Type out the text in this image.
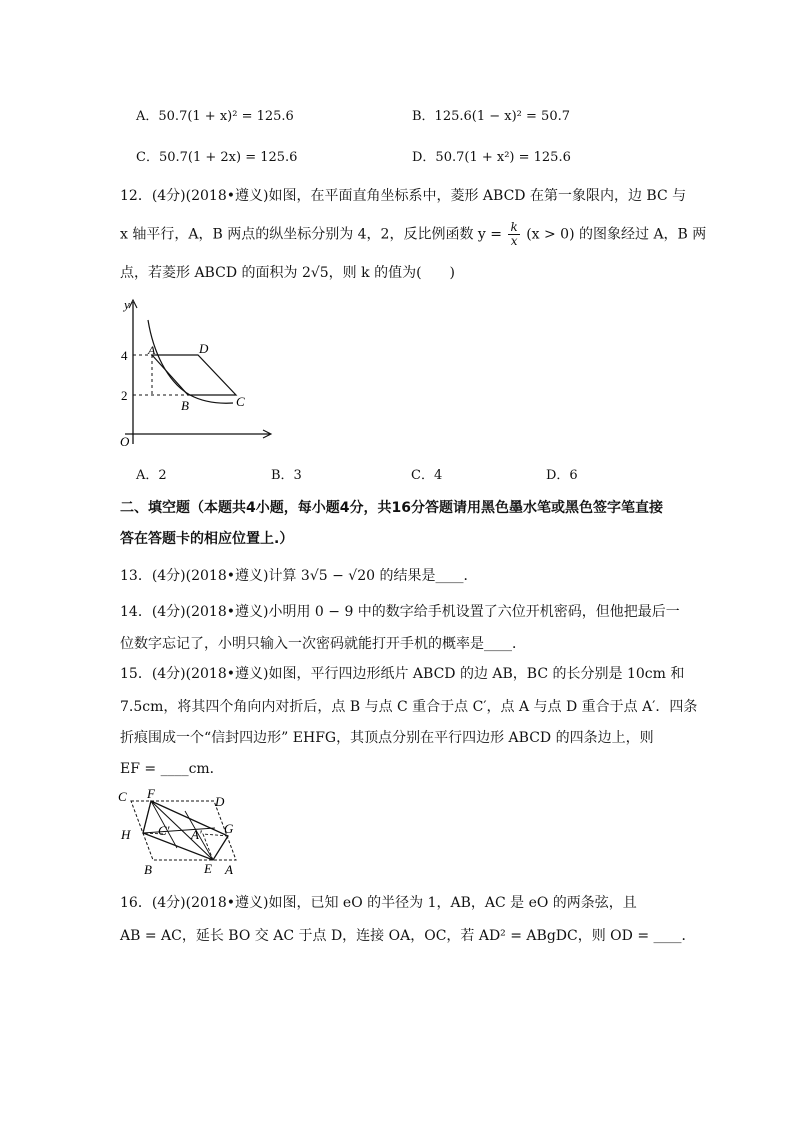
A．50.7(1 + x)² = 125.6	B．125.6(1 − x)² = 50.7
C．50.7(1 + 2x) = 125.6	D．50.7(1 + x²) = 125.6
12．(4分)(2018•遵义)如图，在平面直角坐标系中，菱形 ABCD 在第一象限内，边 BC 与
x 轴平行，A，B 两点的纵坐标分别为 4，2，反比例函数 $y = \frac{k}{x} (x > 0)$ 的图象经过 A，B 两
点，若菱形 ABCD 的面积为 2√5，则 k 的值为(　　)
y
4
2
O
A	D
B	C
A．2	B．3	C．4	D．6
二、填空题（本题共4小题，每小题4分，共16分答题请用黑色墨水笔或黑色签字笔直接
答在答题卡的相应位置上.）
13．(4分)(2018•遵义)计算 3√5 − √20 的结果是____．
14．(4分)(2018•遵义)小明用 0 − 9 中的数字给手机设置了六位开机密码，但他把最后一
位数字忘记了，小明只输入一次密码就能打开手机的概率是____．
15．(4分)(2018•遵义)如图，平行四边形纸片 ABCD 的边 AB，BC 的长分别是 10cm 和
7.5cm，将其四个角向内对折后，点 B 与点 C 重合于点 C′，点 A 与点 D 重合于点 A′．四条
折痕围成一个“信封四边形” EHFG，其顶点分别在平行四边形 ABCD 的四条边上，则
EF = ____cm．
C F
D
H	G
C′ A′
B	E A
16．(4分)(2018•遵义)如图，已知 eO 的半径为 1，AB，AC 是 eO 的两条弦，且
AB = AC，延长 BO 交 AC 于点 D，连接 OA，OC，若 AD² = ABgDC，则 OD = ____．
